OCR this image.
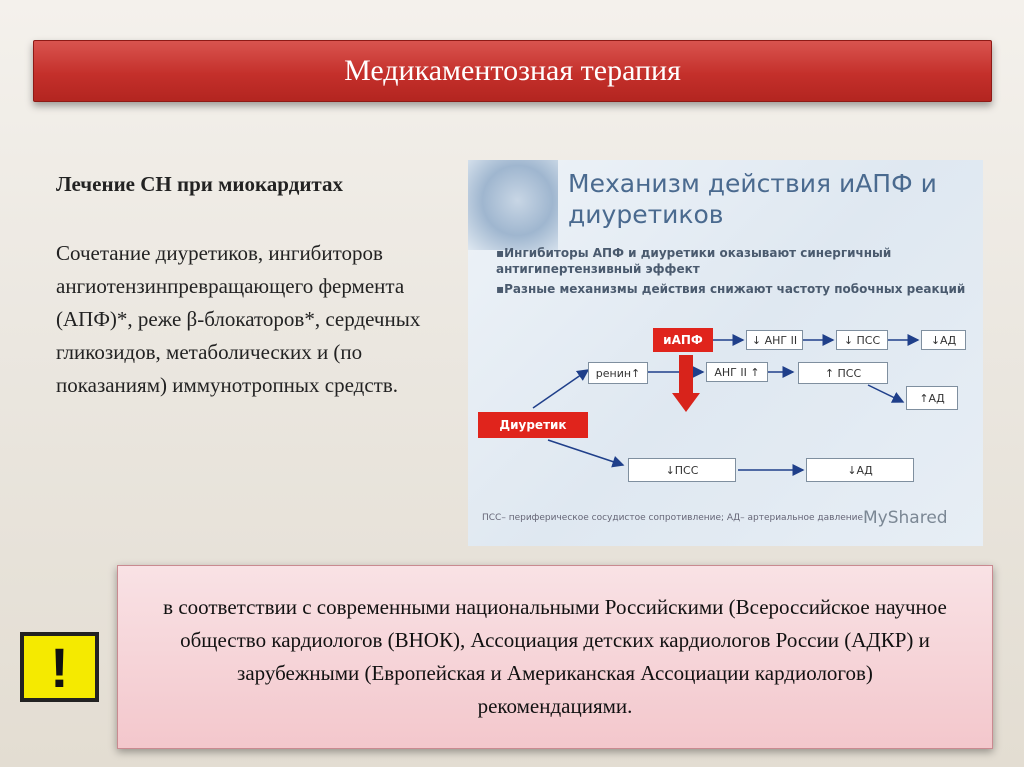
Медикаментозная терапия
Лечение СН при миокардитах

Сочетание диуретиков, ингибиторов ангиотензинпревращающего фермента (АПФ)*, реже β-блокаторов*, сердечных гликозидов, метаболических и (по показаниям) иммунотропных средств.

Механизм действия иАПФ и диуретиков
▪Ингибиторы АПФ и диуретики оказывают синергичный антигипертензивный эффект
▪Разные механизмы действия снижают частоту побочных реакций
иАПФ	↓ АНГ II	↓ ПСС	↓АД
ренин↑	АНГ II ↑	↑ ПСС
↑АД
Диуретик
↓ПСС	↓АД
ПСС– периферическое сосудистое сопротивление; АД– артериальное давление MyShared
в соответствии с современными национальными Российскими (Всероссийское научное общество кардиологов (ВНОК), Ассоциация детских кардиологов России (АДКР) и зарубежными (Европейская и Американская Ассоциации кардиологов) рекомендациями.
!
